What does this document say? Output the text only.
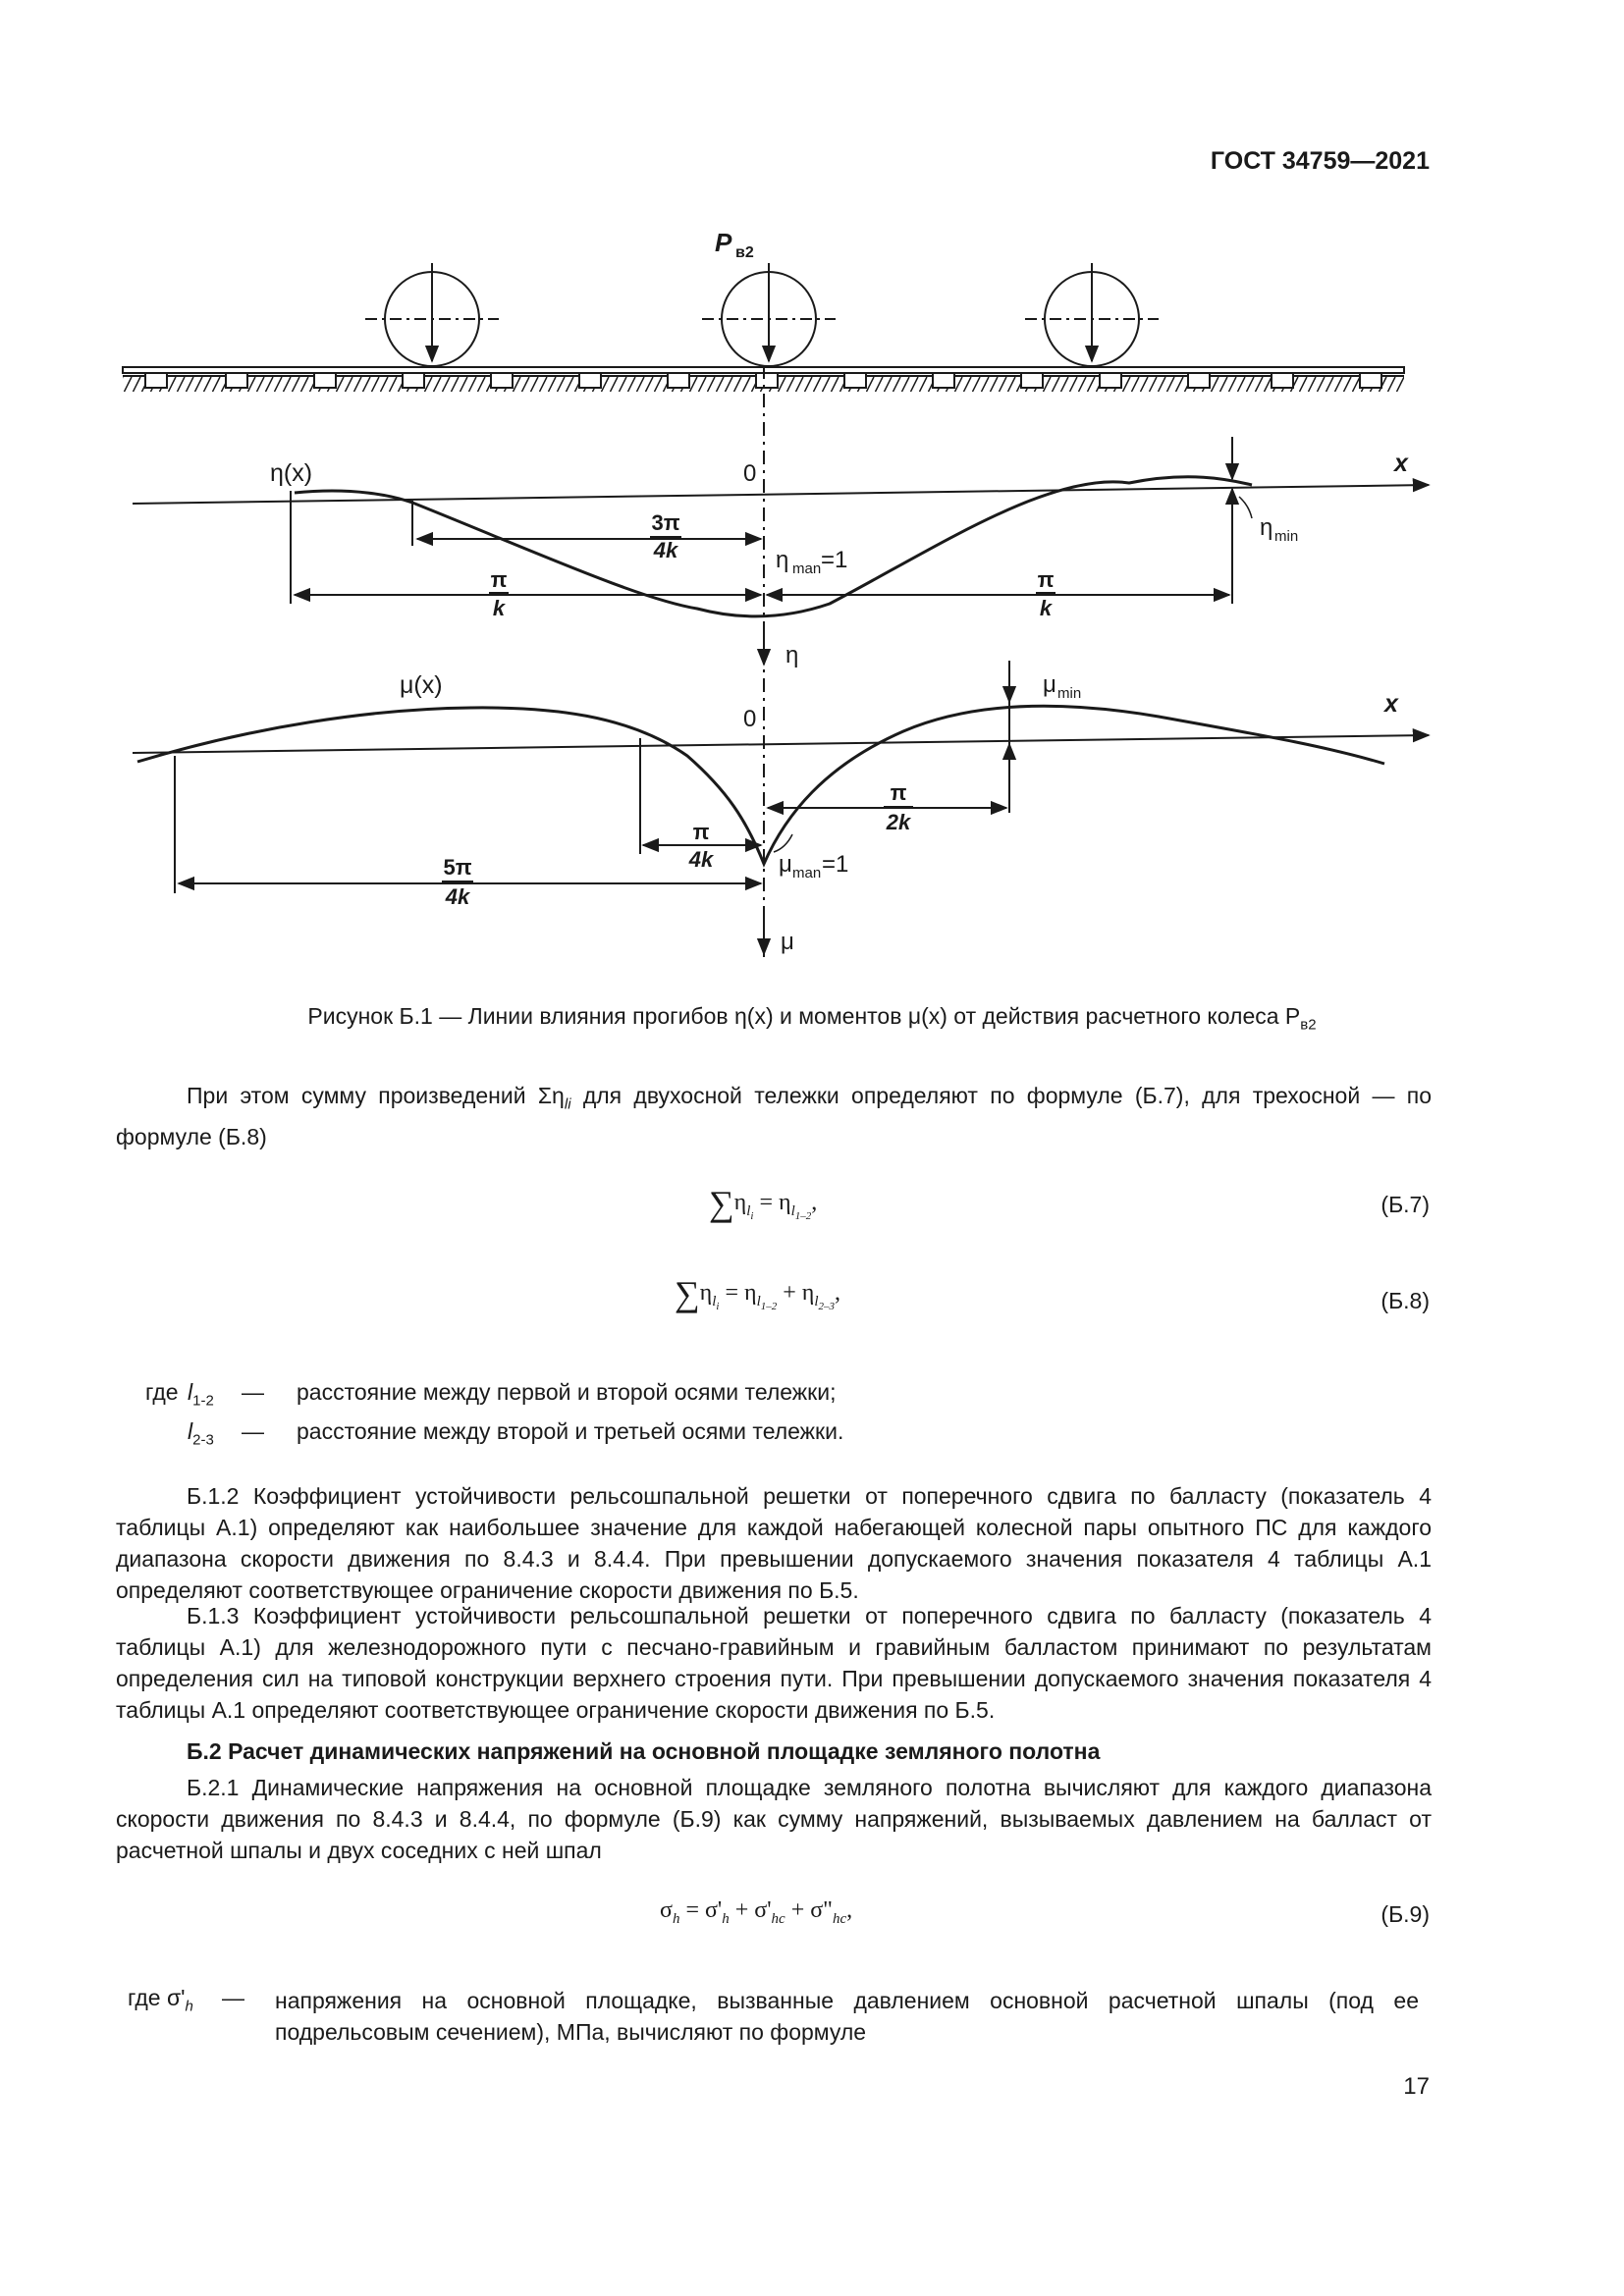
ГОСТ 34759—2021
P в2
η(x)	0	x
η
η man =1
η min
3π
4k
π
k
π
k
μ(x)
0
x
μ
μ man =1
μ min
π
2k
π
4k
5π
4k
Рисунок Б.1 — Линии влияния прогибов η(x) и моментов μ(x) от действия расчетного колеса $P_{в2}$
При этом сумму произведений $\Sigma\eta_{li}$ для двухосной тележки определяют по формуле (Б.7), для трехосной — по формуле (Б.8)
$\sum\eta_{l_i} = \eta_{l_{1-2}}$,	(Б.7)
$\sum\eta_{l_i} = \eta_{l_{1-2}} + \eta_{l_{2-3}}$,	(Б.8)
где $l_{1-2}$ — расстояние между первой и второй осями тележки;
$l_{2-3}$ — расстояние между второй и третьей осями тележки.
Б.1.2 Коэффициент устойчивости рельсошпальной решетки от поперечного сдвига по балласту (показатель 4 таблицы А.1) определяют как наибольшее значение для каждой набегающей колесной пары опытного ПС для каждого диапазона скорости движения по 8.4.3 и 8.4.4. При превышении допускаемого значения показателя 4 таблицы А.1 определяют соответствующее ограничение скорости движения по Б.5.
Б.1.3 Коэффициент устойчивости рельсошпальной решетки от поперечного сдвига по балласту (показатель 4 таблицы А.1) для железнодорожного пути с песчано-гравийным и гравийным балластом принимают по результатам определения сил на типовой конструкции верхнего строения пути. При превышении допускаемого значения показателя 4 таблицы А.1 определяют соответствующее ограничение скорости движения по Б.5.
Б.2 Расчет динамических напряжений на основной площадке земляного полотна
Б.2.1 Динамические напряжения на основной площадке земляного полотна вычисляют для каждого диапазона скорости движения по 8.4.3 и 8.4.4, по формуле (Б.9) как сумму напряжений, вызываемых давлением на балласт от расчетной шпалы и двух соседних с ней шпал
$\sigma_h = \sigma'_h + \sigma'_{hc}$ + $\sigma"_{hc}$,	(Б.9)
где $\sigma'_h$ — напряжения на основной площадке, вызванные давлением основной расчетной шпалы (под ее подрельсовым сечением), МПа, вычисляют по формуле
17
